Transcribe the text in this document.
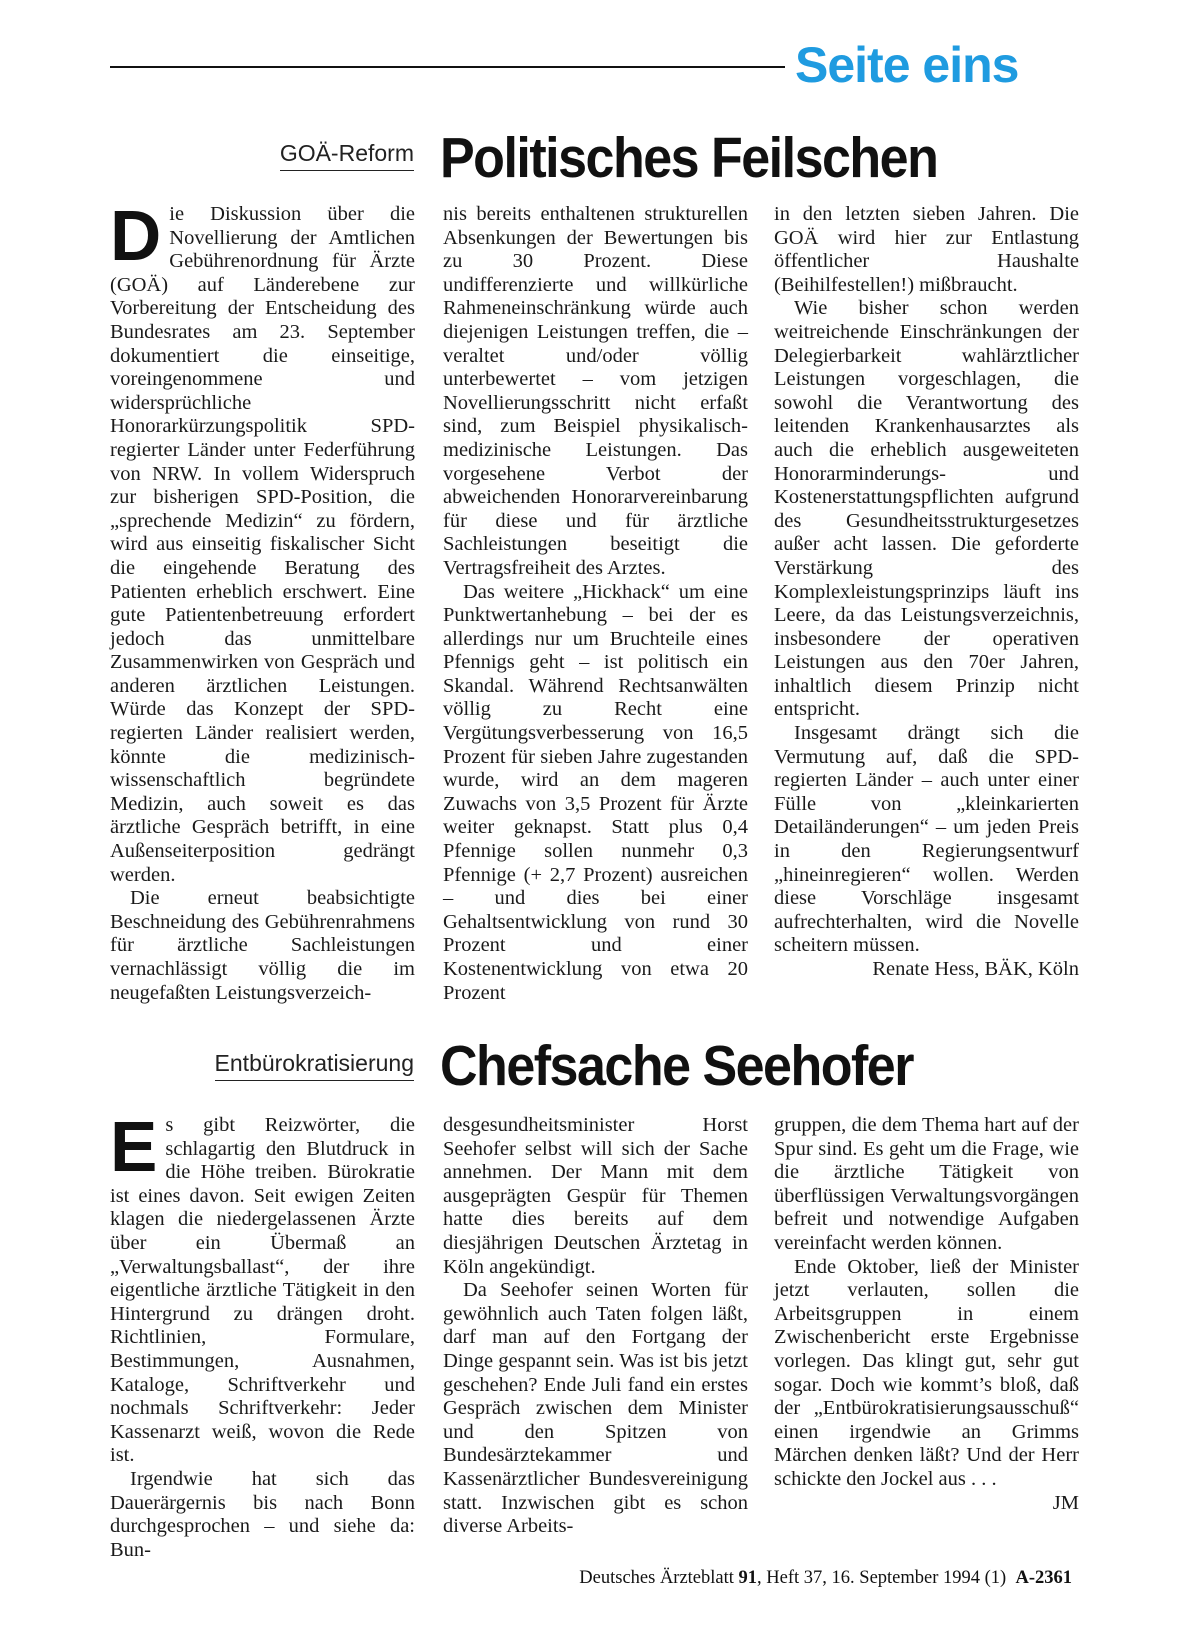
Seite eins
GOÄ-Reform Politisches Feilschen

Die Diskussion über die Novellierung der Amtlichen Gebührenordnung für Ärzte (GOÄ) auf Länderebene zur Vorbereitung der Entscheidung des Bundesrates am 23. September dokumentiert die einseitige, voreingenommene und widersprüchliche Honorarkürzungspolitik SPD-regierter Länder unter Federführung von NRW. In vollem Widerspruch zur bisherigen SPD-Position, die „sprechende Medizin“ zu fördern, wird aus einseitig fiskalischer Sicht die eingehende Beratung des Patienten erheblich erschwert. Eine gute Patientenbetreuung erfordert jedoch das unmittelbare Zusammenwirken von Gespräch und anderen ärztlichen Leistungen. Würde das Konzept der SPD-regierten Länder realisiert werden, könnte die medizinisch-wissenschaftlich begründete Medizin, auch soweit es das ärztliche Gespräch betrifft, in eine Außenseiterposition gedrängt werden.

Die erneut beabsichtigte Beschneidung des Gebührenrahmens für ärztliche Sachleistungen vernachlässigt völlig die im neugefaßten Leistungsverzeich-

nis bereits enthaltenen strukturellen Absenkungen der Bewertungen bis zu 30 Prozent. Diese undifferenzierte und willkürliche Rahmeneinschränkung würde auch diejenigen Leistungen treffen, die – veraltet und/oder völlig unterbewertet – vom jetzigen Novellierungsschritt nicht erfaßt sind, zum Beispiel physikalisch-medizinische Leistungen. Das vorgesehene Verbot der abweichenden Honorarvereinbarung für diese und für ärztliche Sachleistungen beseitigt die Vertragsfreiheit des Arztes.

Das weitere „Hickhack“ um eine Punktwertanhebung – bei der es allerdings nur um Bruchteile eines Pfennigs geht – ist politisch ein Skandal. Während Rechtsanwälten völlig zu Recht eine Vergütungsverbesserung von 16,5 Prozent für sieben Jahre zugestanden wurde, wird an dem mageren Zuwachs von 3,5 Prozent für Ärzte weiter geknapst. Statt plus 0,4 Pfennige sollen nunmehr 0,3 Pfennige (+ 2,7 Prozent) ausreichen – und dies bei einer Gehaltsentwicklung von rund 30 Prozent und einer Kostenentwicklung von etwa 20 Prozent

in den letzten sieben Jahren. Die GOÄ wird hier zur Entlastung öffentlicher Haushalte (Beihilfestellen!) mißbraucht.

Wie bisher schon werden weitreichende Einschränkungen der Delegierbarkeit wahlärztlicher Leistungen vorgeschlagen, die sowohl die Verantwortung des leitenden Krankenhausarztes als auch die erheblich ausgeweiteten Honorarminderungs- und Kostenerstattungspflichten aufgrund des Gesundheitsstrukturgesetzes außer acht lassen. Die geforderte Verstärkung des Komplexleistungsprinzips läuft ins Leere, da das Leistungsverzeichnis, insbesondere der operativen Leistungen aus den 70er Jahren, inhaltlich diesem Prinzip nicht entspricht.

Insgesamt drängt sich die Vermutung auf, daß die SPD-regierten Länder – auch unter einer Fülle von „kleinkarierten Detailänderungen“ – um jeden Preis in den Regierungsentwurf „hineinregieren“ wollen. Werden diese Vorschläge insgesamt aufrechterhalten, wird die Novelle scheitern müssen.

Renate Hess, BÄK, Köln

Entbürokratisierung Chefsache Seehofer

Es gibt Reizwörter, die schlagartig den Blutdruck in die Höhe treiben. Bürokratie ist eines davon. Seit ewigen Zeiten klagen die niedergelassenen Ärzte über ein Übermaß an „Verwaltungsballast“, der ihre eigentliche ärztliche Tätigkeit in den Hintergrund zu drängen droht. Richtlinien, Formulare, Bestimmungen, Ausnahmen, Kataloge, Schriftverkehr und nochmals Schriftverkehr: Jeder Kassenarzt weiß, wovon die Rede ist.

Irgendwie hat sich das Dauerärgernis bis nach Bonn durchgesprochen – und siehe da: Bun-

desgesundheitsminister Horst Seehofer selbst will sich der Sache annehmen. Der Mann mit dem ausgeprägten Gespür für Themen hatte dies bereits auf dem diesjährigen Deutschen Ärztetag in Köln angekündigt.

Da Seehofer seinen Worten für gewöhnlich auch Taten folgen läßt, darf man auf den Fortgang der Dinge gespannt sein. Was ist bis jetzt geschehen? Ende Juli fand ein erstes Gespräch zwischen dem Minister und den Spitzen von Bundesärztekammer und Kassenärztlicher Bundesvereinigung statt. Inzwischen gibt es schon diverse Arbeits-

gruppen, die dem Thema hart auf der Spur sind. Es geht um die Frage, wie die ärztliche Tätigkeit von überflüssigen Verwaltungsvorgängen befreit und notwendige Aufgaben vereinfacht werden können.

Ende Oktober, ließ der Minister jetzt verlauten, sollen die Arbeitsgruppen in einem Zwischenbericht erste Ergebnisse vorlegen. Das klingt gut, sehr gut sogar. Doch wie kommt’s bloß, daß der „Entbürokratisierungsausschuß“ einen irgendwie an Grimms Märchen denken läßt? Und der Herr schickte den Jockel aus . . .

JM

Deutsches Ärzteblatt 91, Heft 37, 16. September 1994 (1) A-2361
